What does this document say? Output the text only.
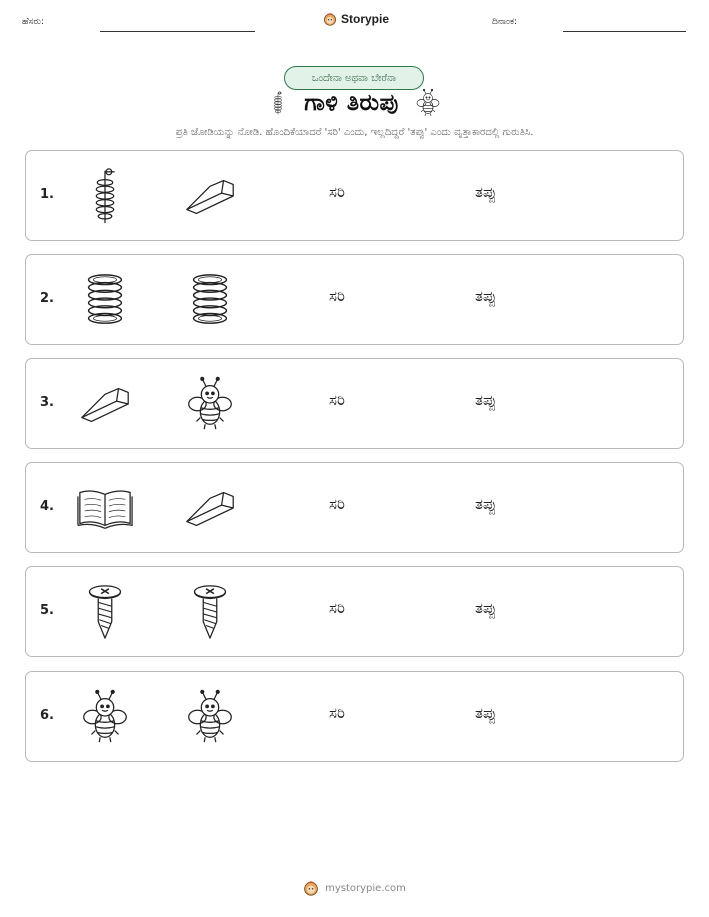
ಹೆಸರು:	Storypie	ದಿನಾಂಕ:
ಒಂದೇನಾ ಅಥವಾ ಬೇರೆನಾ
ಗಾಳಿ ತಿರುಪು
ಪ್ರತಿ ಜೋಡಿಯನ್ನು ನೋಡಿ. ಹೊಂದಿಕೆಯಾದರೆ 'ಸರಿ' ಎಂದು, ಇಲ್ಲದಿದ್ದರೆ 'ತಪ್ಪು' ಎಂದು ವೃತ್ತಾಕಾರದಲ್ಲಿ ಗುರುತಿಸಿ.
1.	ಸರಿ	ತಪ್ಪು
2.	ಸರಿ	ತಪ್ಪು
3.	ಸರಿ	ತಪ್ಪು
4.	ಸರಿ	ತಪ್ಪು
5.	ಸರಿ	ತಪ್ಪು
6.	ಸರಿ	ತಪ್ಪು
mystorypie.com
